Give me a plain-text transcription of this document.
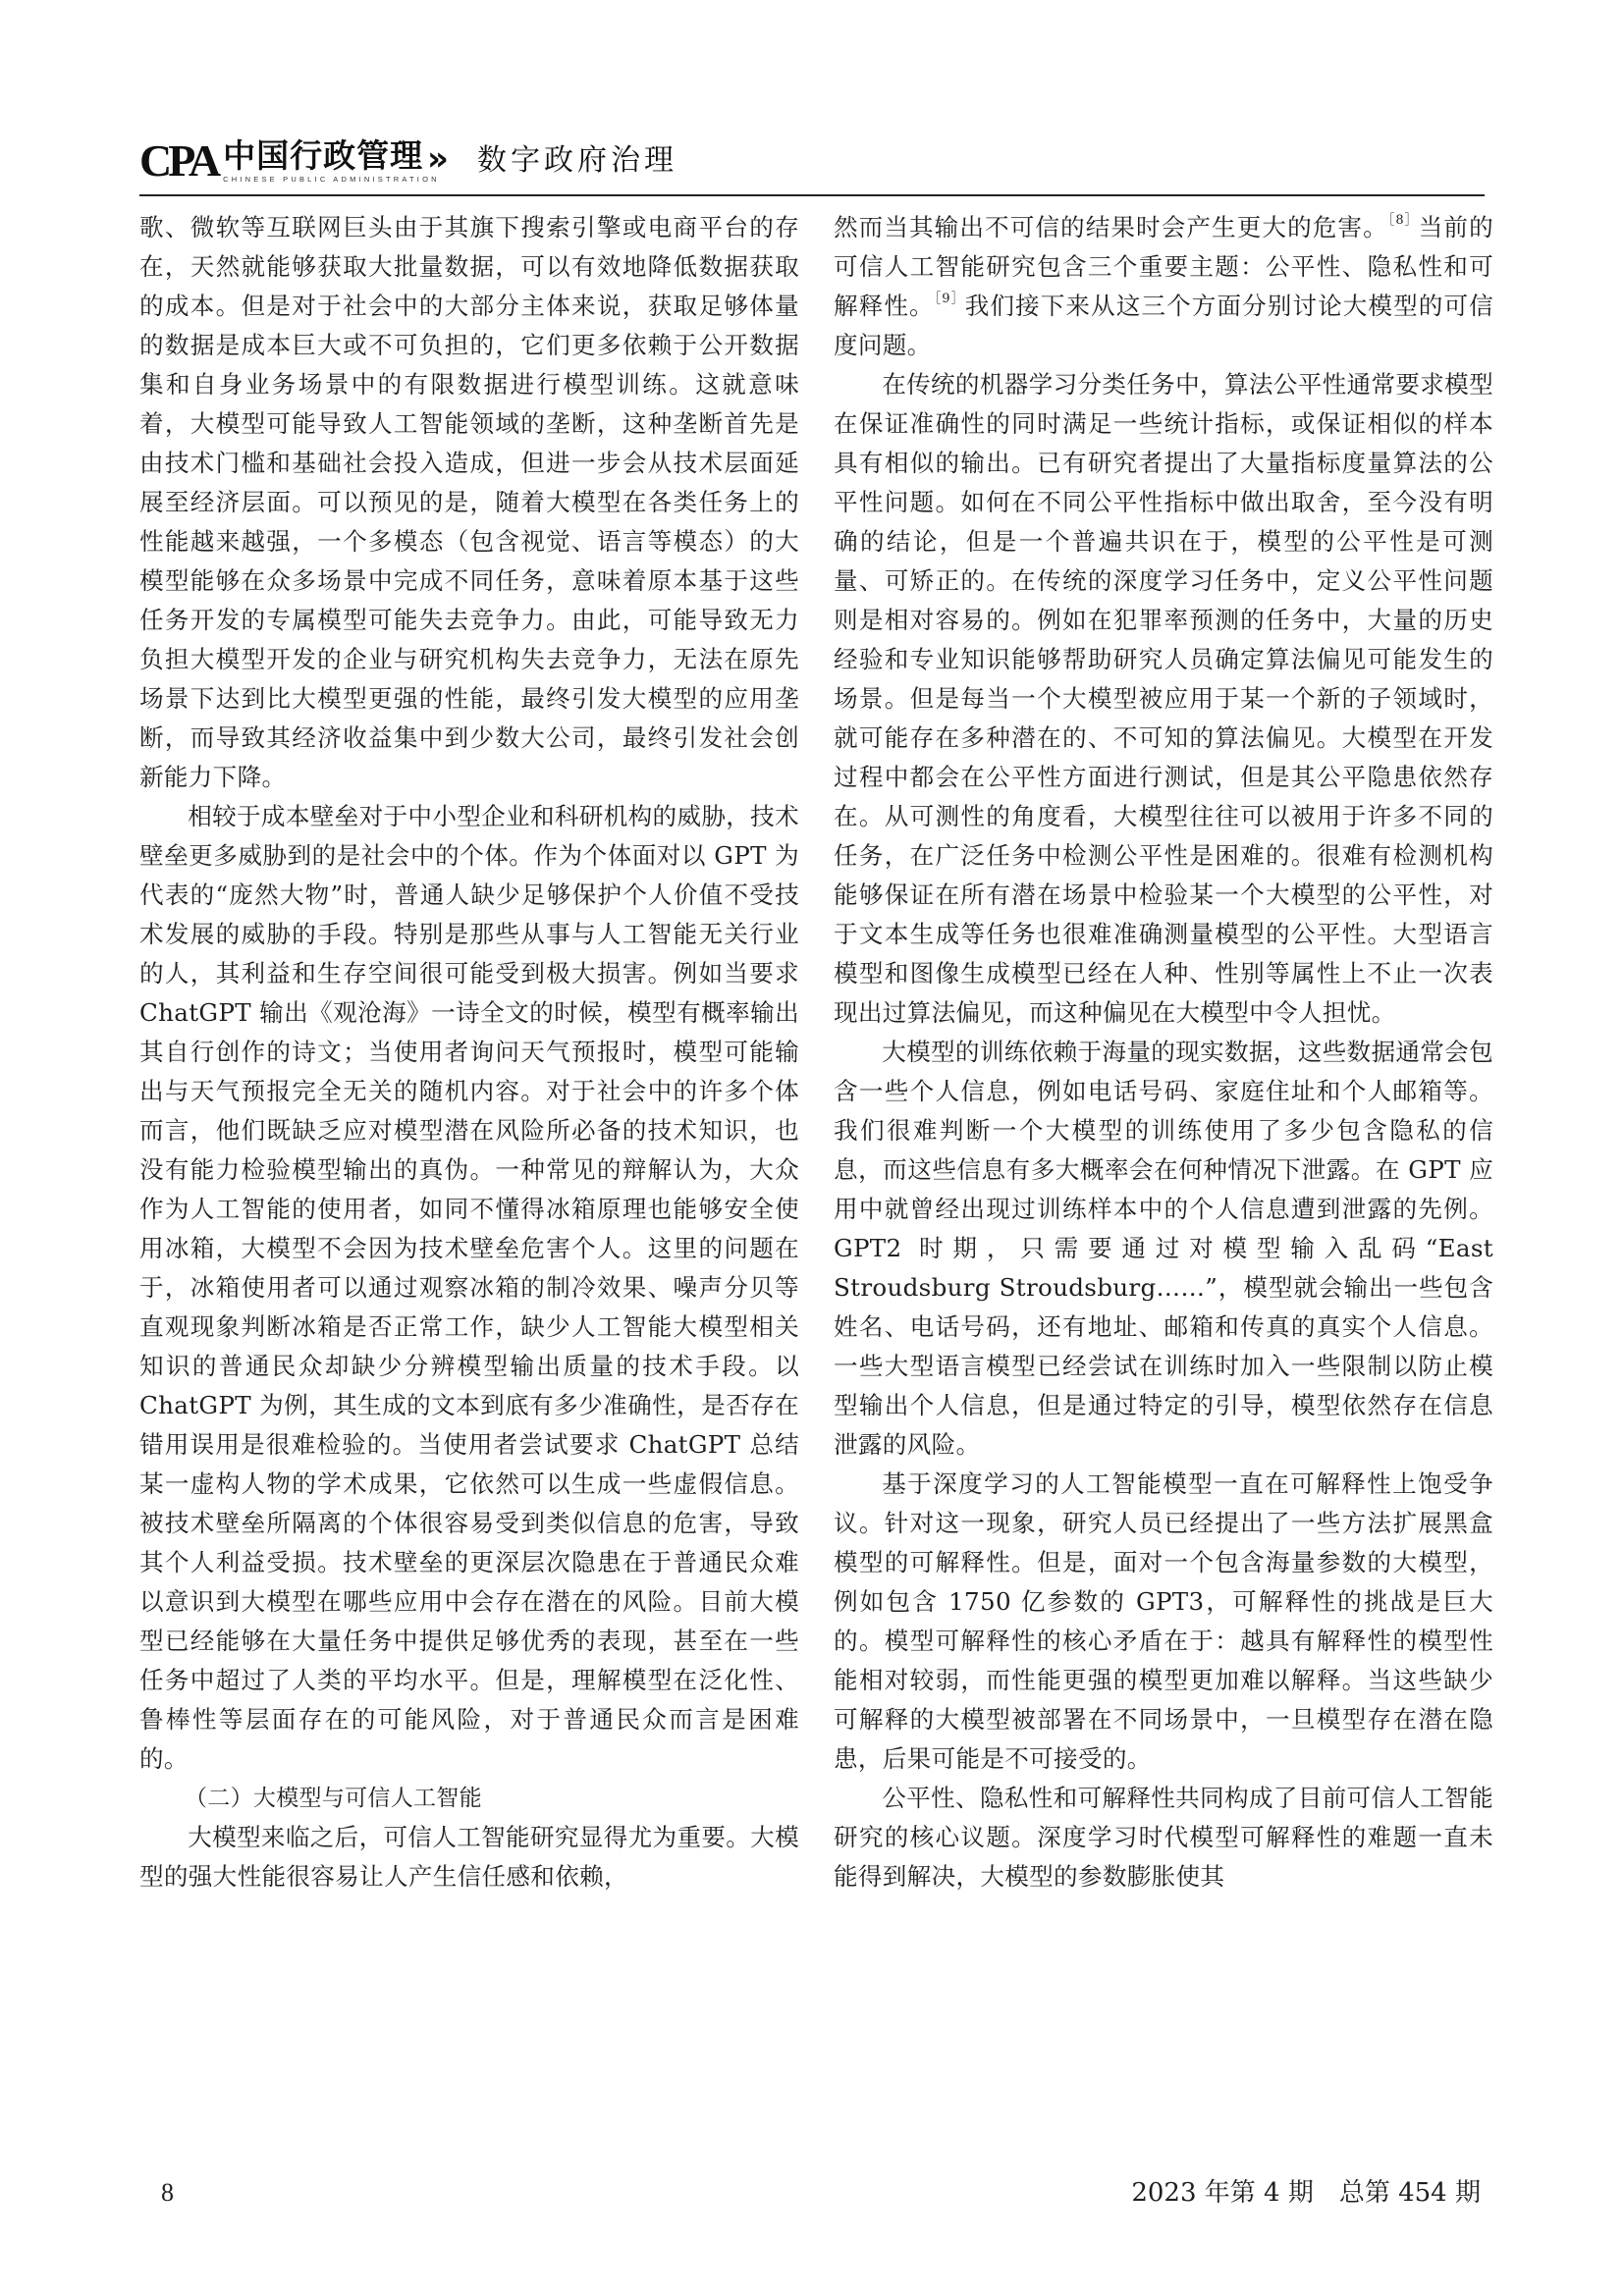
CPA 中国行政管理
CHINESE PUBLIC ADMINISTRATION
» 数字政府治理

歌、微软等互联网巨头由于其旗下搜索引擎或电商平台的存在，天然就能够获取大批量数据，可以有效地降低数据获取的成本。但是对于社会中的大部分主体来说，获取足够体量的数据是成本巨大或不可负担的，它们更多依赖于公开数据集和自身业务场景中的有限数据进行模型训练。这就意味着，大模型可能导致人工智能领域的垄断，这种垄断首先是由技术门槛和基础社会投入造成，但进一步会从技术层面延展至经济层面。可以预见的是，随着大模型在各类任务上的性能越来越强，一个多模态（包含视觉、语言等模态）的大模型能够在众多场景中完成不同任务，意味着原本基于这些任务开发的专属模型可能失去竞争力。由此，可能导致无力负担大模型开发的企业与研究机构失去竞争力，无法在原先场景下达到比大模型更强的性能，最终引发大模型的应用垄断，而导致其经济收益集中到少数大公司，最终引发社会创新能力下降。

相较于成本壁垒对于中小型企业和科研机构的威胁，技术壁垒更多威胁到的是社会中的个体。作为个体面对以 GPT 为代表的“庞然大物”时，普通人缺少足够保护个人价值不受技术发展的威胁的手段。特别是那些从事与人工智能无关行业的人，其利益和生存空间很可能受到极大损害。例如当要求 ChatGPT 输出《观沧海》一诗全文的时候，模型有概率输出其自行创作的诗文；当使用者询问天气预报时，模型可能输出与天气预报完全无关的随机内容。对于社会中的许多个体而言，他们既缺乏应对模型潜在风险所必备的技术知识，也没有能力检验模型输出的真伪。一种常见的辩解认为，大众作为人工智能的使用者，如同不懂得冰箱原理也能够安全使用冰箱，大模型不会因为技术壁垒危害个人。这里的问题在于，冰箱使用者可以通过观察冰箱的制冷效果、噪声分贝等直观现象判断冰箱是否正常工作，缺少人工智能大模型相关知识的普通民众却缺少分辨模型输出质量的技术手段。以 ChatGPT 为例，其生成的文本到底有多少准确性，是否存在错用误用是很难检验的。当使用者尝试要求 ChatGPT 总结某一虚构人物的学术成果，它依然可以生成一些虚假信息。被技术壁垒所隔离的个体很容易受到类似信息的危害，导致其个人利益受损。技术壁垒的更深层次隐患在于普通民众难以意识到大模型在哪些应用中会存在潜在的风险。目前大模型已经能够在大量任务中提供足够优秀的表现，甚至在一些任务中超过了人类的平均水平。但是，理解模型在泛化性、鲁棒性等层面存在的可能风险，对于普通民众而言是困难的。

（二）大模型与可信人工智能

大模型来临之后，可信人工智能研究显得尤为重要。大模型的强大性能很容易让人产生信任感和依赖，

然而当其输出不可信的结果时会产生更大的危害。$^{[8]}$当前的可信人工智能研究包含三个重要主题：公平性、隐私性和可解释性。$^{[9]}$我们接下来从这三个方面分别讨论大模型的可信度问题。

在传统的机器学习分类任务中，算法公平性通常要求模型在保证准确性的同时满足一些统计指标，或保证相似的样本具有相似的输出。已有研究者提出了大量指标度量算法的公平性问题。如何在不同公平性指标中做出取舍，至今没有明确的结论，但是一个普遍共识在于，模型的公平性是可测量、可矫正的。在传统的深度学习任务中，定义公平性问题则是相对容易的。例如在犯罪率预测的任务中，大量的历史经验和专业知识能够帮助研究人员确定算法偏见可能发生的场景。但是每当一个大模型被应用于某一个新的子领域时，就可能存在多种潜在的、不可知的算法偏见。大模型在开发过程中都会在公平性方面进行测试，但是其公平隐患依然存在。从可测性的角度看，大模型往往可以被用于许多不同的任务，在广泛任务中检测公平性是困难的。很难有检测机构能够保证在所有潜在场景中检验某一个大模型的公平性，对于文本生成等任务也很难准确测量模型的公平性。大型语言模型和图像生成模型已经在人种、性别等属性上不止一次表现出过算法偏见，而这种偏见在大模型中令人担忧。

大模型的训练依赖于海量的现实数据，这些数据通常会包含一些个人信息，例如电话号码、家庭住址和个人邮箱等。我们很难判断一个大模型的训练使用了多少包含隐私的信息，而这些信息有多大概率会在何种情况下泄露。在 GPT 应用中就曾经出现过训练样本中的个人信息遭到泄露的先例。GPT2 时期，只需要通过对模型输入乱码“East Stroudsburg Stroudsburg……”，模型就会输出一些包含姓名、电话号码，还有地址、邮箱和传真的真实个人信息。一些大型语言模型已经尝试在训练时加入一些限制以防止模型输出个人信息，但是通过特定的引导，模型依然存在信息泄露的风险。

基于深度学习的人工智能模型一直在可解释性上饱受争议。针对这一现象，研究人员已经提出了一些方法扩展黑盒模型的可解释性。但是，面对一个包含海量参数的大模型，例如包含 1750 亿参数的 GPT3，可解释性的挑战是巨大的。模型可解释性的核心矛盾在于：越具有解释性的模型性能相对较弱，而性能更强的模型更加难以解释。当这些缺少可解释的大模型被部署在不同场景中，一旦模型存在潜在隐患，后果可能是不可接受的。

公平性、隐私性和可解释性共同构成了目前可信人工智能研究的核心议题。深度学习时代模型可解释性的难题一直未能得到解决，大模型的参数膨胀使其

8	2023 年第 4 期　总第 454 期
